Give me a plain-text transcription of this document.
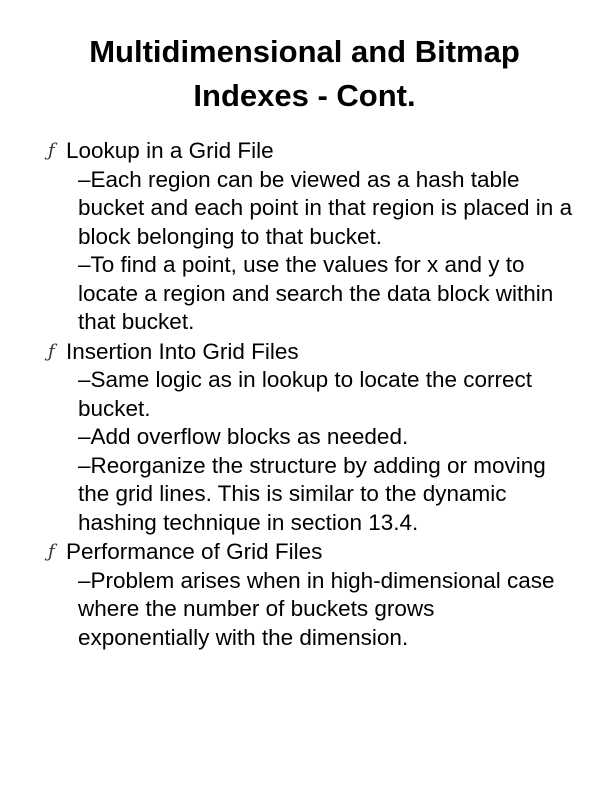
Multidimensional and Bitmap
Indexes - Cont.
ƒ Lookup in a Grid File
–Each region can be viewed as a hash table bucket and each point in that region is placed in a block belonging to that bucket.
–To find a point, use the values for x and y to locate a region and search the data block within that bucket.
ƒ Insertion Into Grid Files
–Same logic as in lookup to locate the correct bucket.
–Add overflow blocks as needed.
–Reorganize the structure by adding or moving the grid lines. This is similar to the dynamic hashing technique in section 13.4.
ƒ Performance of Grid Files
–Problem arises when in high-dimensional case where the number of buckets grows exponentially with the dimension.
